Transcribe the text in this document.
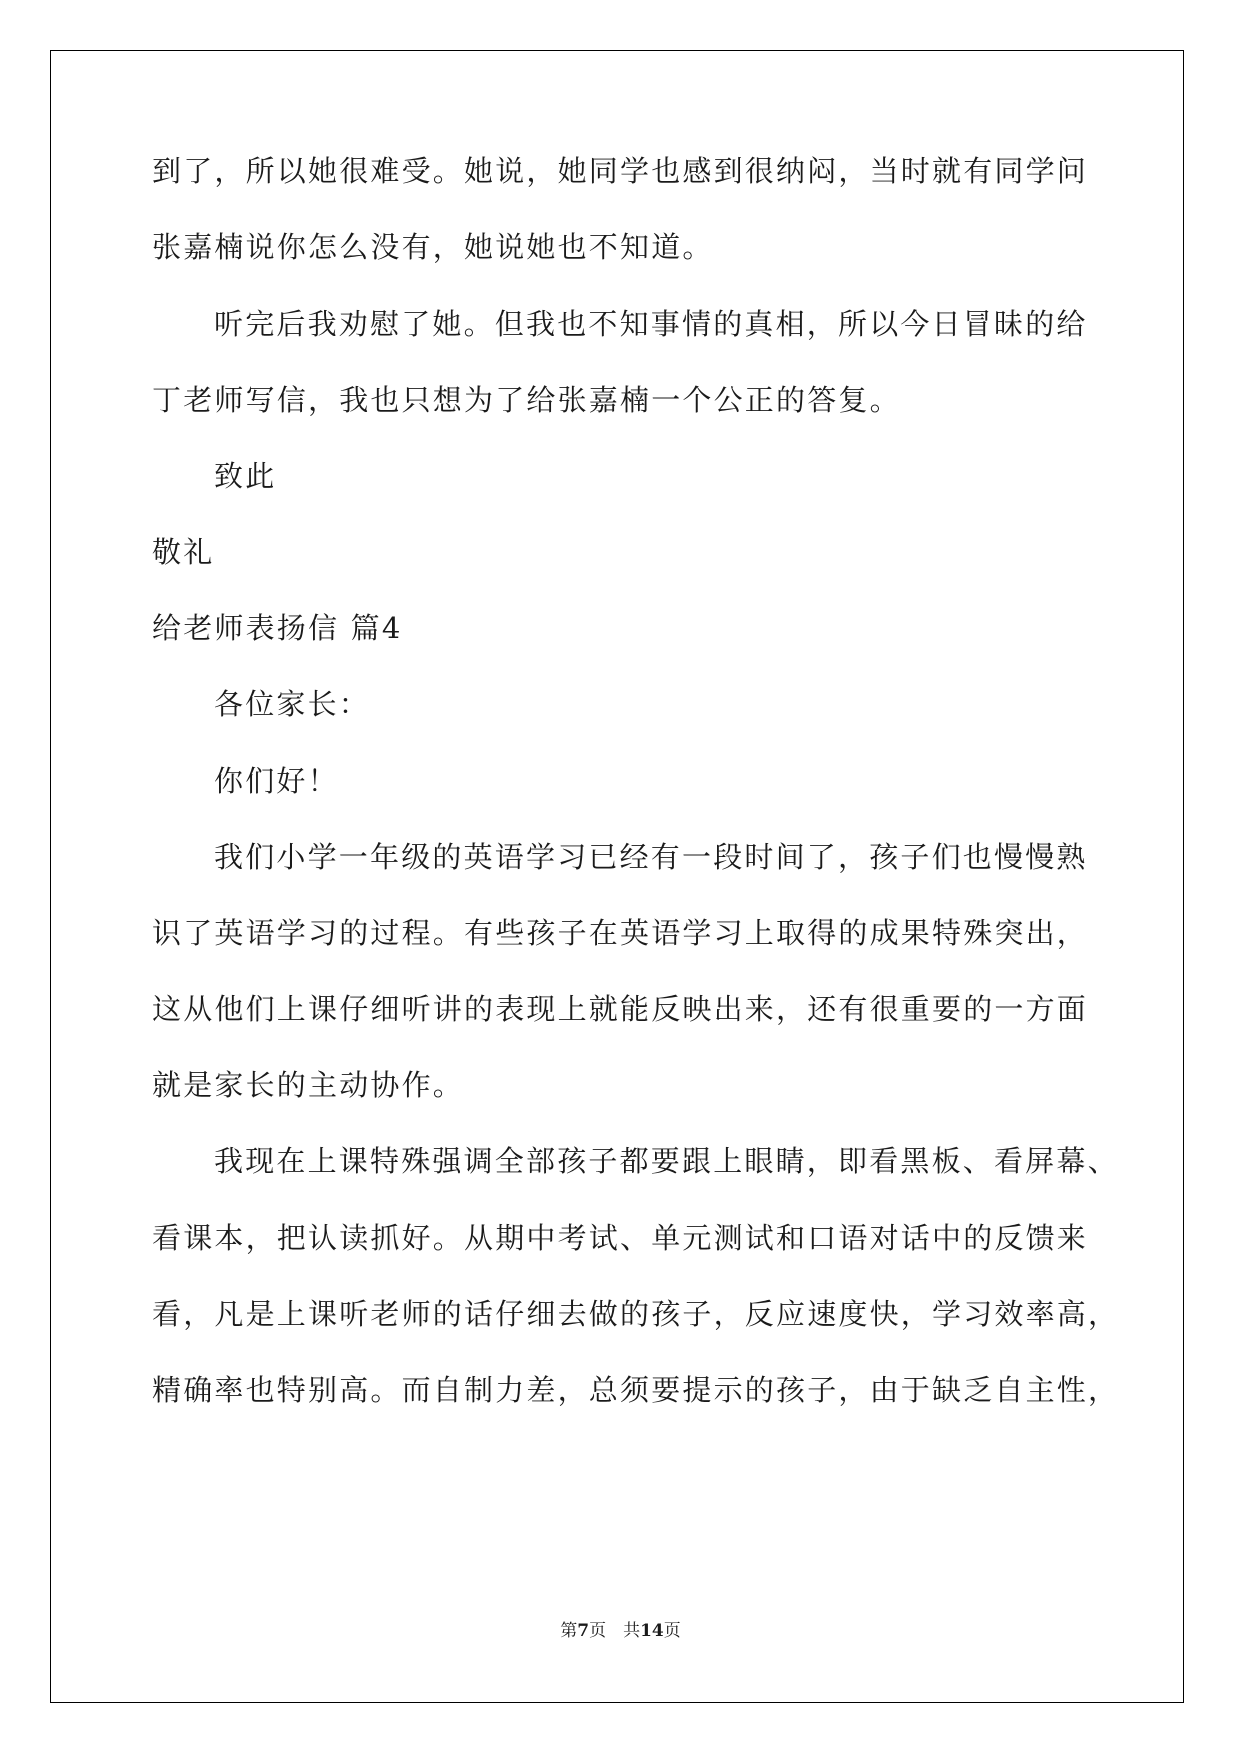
到了，所以她很难受。她说，她同学也感到很纳闷，当时就有同学问
张嘉楠说你怎么没有，她说她也不知道。
听完后我劝慰了她。但我也不知事情的真相，所以今日冒昧的给
丁老师写信，我也只想为了给张嘉楠一个公正的答复。
致此
敬礼
给老师表扬信 篇4
各位家长：
你们好！
我们小学一年级的英语学习已经有一段时间了，孩子们也慢慢熟
识了英语学习的过程。有些孩子在英语学习上取得的成果特殊突出，
这从他们上课仔细听讲的表现上就能反映出来，还有很重要的一方面
就是家长的主动协作。
我现在上课特殊强调全部孩子都要跟上眼睛，即看黑板、看屏幕、
看课本，把认读抓好。从期中考试、单元测试和口语对话中的反馈来
看，凡是上课听老师的话仔细去做的孩子，反应速度快，学习效率高，
精确率也特别高。而自制力差，总须要提示的孩子，由于缺乏自主性，
第7页　共14页
